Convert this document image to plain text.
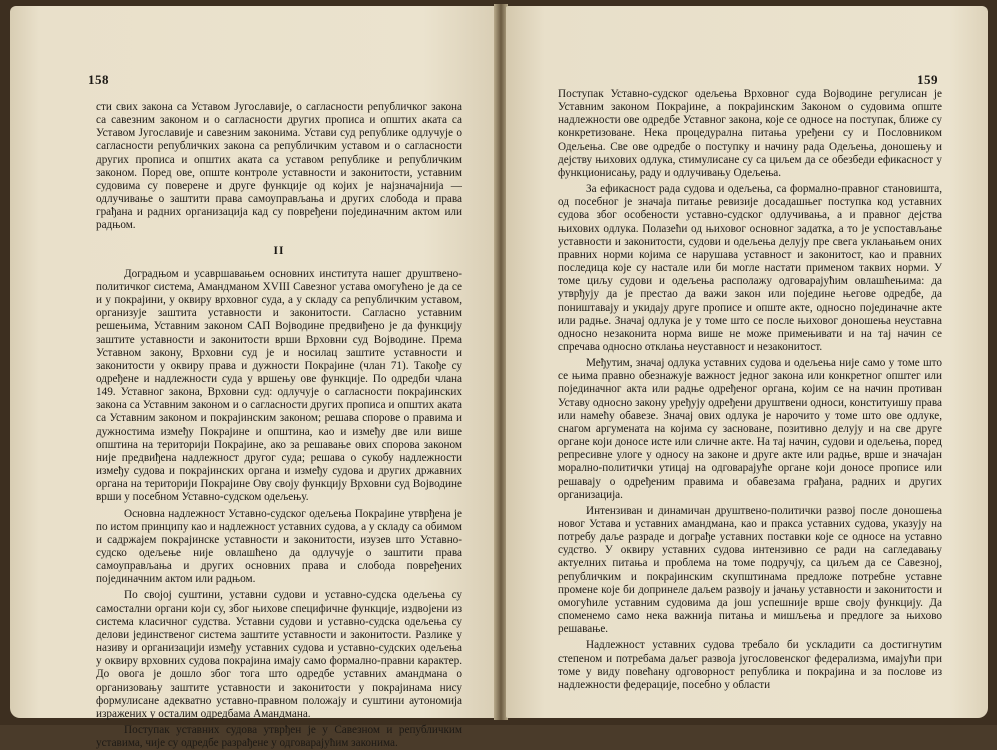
158

сти свих закона са Уставом Југославије, о сагласности републичког закона са савезним законом и о сагласности других прописа и општих аката са Уставом Југославије и савезним законима. Устави суд републике одлучује о сагласности републичких закона са републичким уставом и о сагласности других прописа и општих аката са уставом републике и републичким законом. Поред ове, опште контроле уставности и законитости, уставним судовима су поверене и друге функције од којих је најзначајнија — одлучивање о заштити права самоуправљања и других слобода и права грађана и радних организација кад су повређени појединачним актом или радњом.

II

Доградњом и усавршавањем основних института нашег друштвено-политичког система, Амандманом XVIII Савезног устава омогућено је да се и у покрајини, у оквиру врховног суда, а у складу са републичким уставом, организује заштита уставности и законитости. Сагласно уставним решењима, Уставним законом САП Војводине предвиђено је да функцију заштите уставности и законитости врши Врховни суд Војводине. Према Уставном закону, Врховни суд је и носилац заштите уставности и законитости у оквиру права и дужности Покрајине (члан 71). Такође су одређене и надлежности суда у вршењу ове функције. По одредби члана 149. Уставног закона, Врховни суд: одлучује о сагласности покрајинских закона са Уставним законом и о сагласности других прописа и општих аката са Уставним законом и покрајинским законом; решава спорове о правима и дужностима између Покрајине и општина, као и између две или више општина на територији Покрајине, ако за решавање ових спорова законом није предвиђена надлежност другог суда; решава о сукобу надлежности између судова и покрајинских органа и између судова и других државних органа на територији Покрајине Ову своју функцију Врховни суд Војводине врши у посебном Уставно-судском одељењу.

Основна надлежност Уставно-судског одељења Покрајине утврђена је по истом принципу као и надлежност уставних судова, а у складу са обимом и садржајем покрајинске уставности и законитости, изузев што Уставно-судско одељење није овлашћено да одлучује о заштити права самоуправљања и других основних права и слобода повређених појединачним актом или радњом.

По својој суштини, уставни судови и уставно-судска одељења су самостални органи који су, због њихове специфичне функције, издвојени из система класичног судства. Уставни судови и уставно-судска одељења су делови јединственог система заштите уставности и законитости. Разлике у називу и организацији између уставних судова и уставно-судских одељења у оквиру врховних судова покрајина имају само формално-правни карактер. До овога је дошло због тога што одредбе уставних амандмана о организовању заштите уставности и законитости у покрајинама нису формулисане адекватно уставно-правном положају и суштини аутономија изражених у осталим одредбама Амандмана.

Поступак уставних судова утврђен је у Савезном и републичким уставима, чије су одредбе разрађене у одговарајућим законима.

159

Поступак Уставно-судског одељења Врховног суда Војводине регулисан је Уставним законом Покрајине, а покрајинским Законом о судовима опште надлежности ове одредбе Уставног закона, које се односе на поступак, ближе су конкретизоване. Нека процедурална питања уређени су и Пословником Одељења. Све ове одредбе о поступку и начину рада Одељења, доношењу и дејству њихових одлука, стимулисане су са циљем да се обезбеди ефикасност у функционисању, раду и одлучивању Одељења.

За ефикасност рада судова и одељења, са формално-правног становишта, од посебног је значаја питање ревизије досадашњег поступка код уставних судова због особености уставно-судског одлучивања, а и правног дејства њихових одлука. Полазећи од њиховог основног задатка, а то је успостављање уставности и законитости, судови и одељења делују пре свега уклањањем оних правних норми којима се нарушава уставност и законитост, као и правних последица које су настале или би могле настати применом таквих норми. У томе циљу судови и одељења располажу одговарајућим овлашћењима: да утврђују да је престао да важи закон или поједине његове одредбе, да поништавају и укидају друге прописе и опште акте, односно појединачне акте или радње. Значај одлука је у томе што се после њиховог доношења неуставна односно незаконита норма више не може примењивати и на тај начин се спречава односно отклања неуставност и незаконитост.

Међутим, значај одлука уставних судова и одељења није само у томе што се њима правно обезнажује важност једног закона или конкретног општег или појединачног акта или радње одређеног органа, којим се на начин противан Уставу односно закону уређују одређени друштвени односи, конституишу права или намећу обавезе. Значај ових одлука је нарочито у томе што ове одлуке, снагом аргумената на којима су засноване, позитивно делују и на све друге органе који доносе исте или сличне акте. На тај начин, судови и одељења, поред репресивне улоге у односу на законе и друге акте или радње, врше и значајан морално-политички утицај на одговарајуће органе који доносе прописе или решавају о одређеним правима и обавезама грађана, радних и других организација.

Интензиван и динамичан друштвено-политички развој после доношења новог Устава и уставних амандмана, као и пракса уставних судова, указују на потребу даље разраде и дограђе уставних поставки које се односе на уставно судство. У оквиру уставних судова интензивно се ради на сагледавању актуелних питања и проблема на томе подручју, са циљем да се Савезној, републичким и покрајинским скупштинама предложе потребне уставне промене које би допринеле даљем развоју и јачању уставности и законитости и омогућиле уставним судовима да још успешније врше своју функцију. Да споменемо само нека важнија питања и мишљења и предлоге за њихово решавање.

Надлежност уставних судова требало би ускладити са достигнутим степеном и потребама даљег развоја југословенског федерализма, имајући при томе у виду повећану одговорност република и покрајина и за послове из надлежности федерације, посебно у области
